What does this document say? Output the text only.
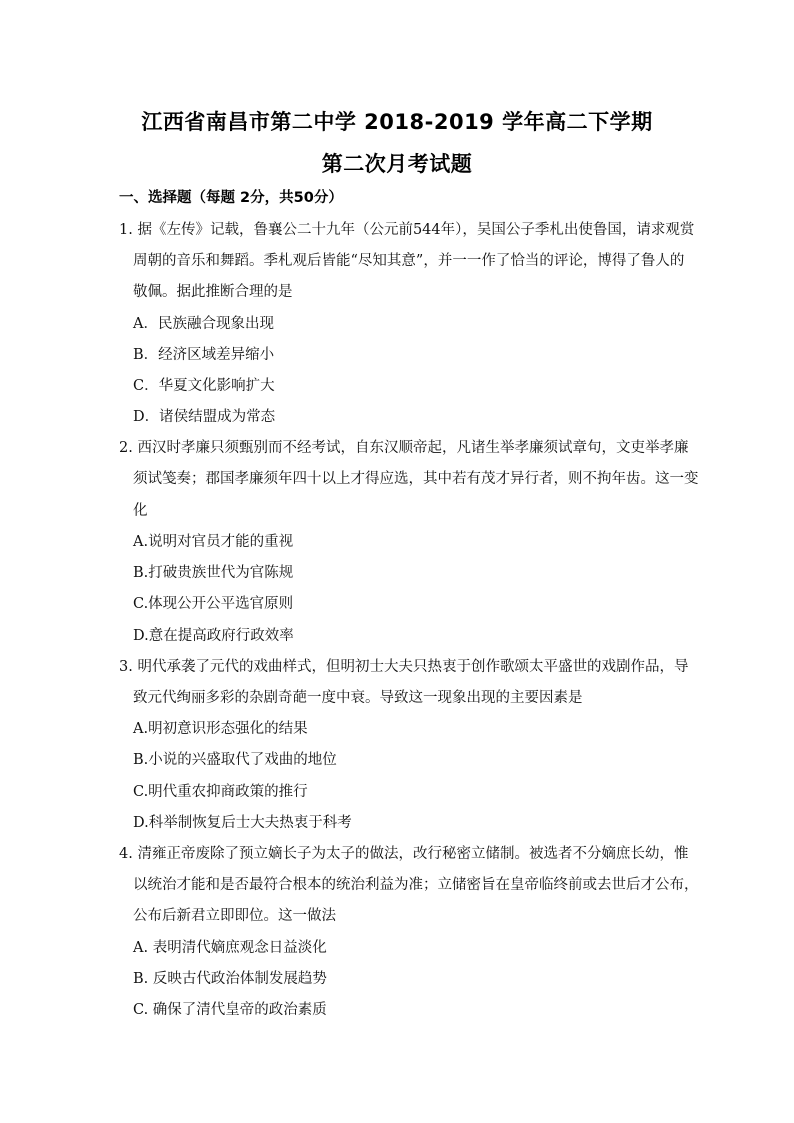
江西省南昌市第二中学 2018-2019 学年高二下学期
第二次月考试题
一、选择题（每题 2分，共50分）
1. 据《左传》记载，鲁襄公二十九年（公元前544年），吴国公子季札出使鲁国，请求观赏
周朝的音乐和舞蹈。季札观后皆能“尽知其意”，并一一作了恰当的评论，博得了鲁人的
敬佩。据此推断合理的是
A．民族融合现象出现
B．经济区域差异缩小
C．华夏文化影响扩大
D．诸侯结盟成为常态
2. 西汉时孝廉只须甄别而不经考试，自东汉顺帝起，凡诸生举孝廉须试章句，文吏举孝廉
须试笺奏；郡国孝廉须年四十以上才得应选，其中若有茂才异行者，则不拘年齿。这一变
化
A.说明对官员才能的重视
B.打破贵族世代为官陈规
C.体现公开公平选官原则
D.意在提高政府行政效率
3. 明代承袭了元代的戏曲样式，但明初士大夫只热衷于创作歌颂太平盛世的戏剧作品，导
致元代绚丽多彩的杂剧奇葩一度中衰。导致这一现象出现的主要因素是
A.明初意识形态强化的结果
B.小说的兴盛取代了戏曲的地位
C.明代重农抑商政策的推行
D.科举制恢复后士大夫热衷于科考
4. 清雍正帝废除了预立嫡长子为太子的做法，改行秘密立储制。被选者不分嫡庶长幼，惟
以统治才能和是否最符合根本的统治利益为准；立储密旨在皇帝临终前或去世后才公布，
公布后新君立即即位。这一做法
A. 表明清代嫡庶观念日益淡化
B. 反映古代政治体制发展趋势
C. 确保了清代皇帝的政治素质
